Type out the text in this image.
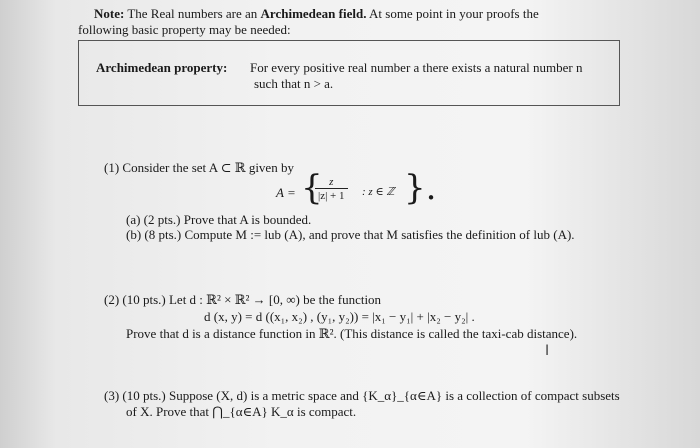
Note: The Real numbers are an Archimedean field. At some point in your proofs the
following basic property may be needed:
Archimedean property: For every positive real number a there exists a natural number n
such that n > a.
(1) Consider the set A ⊂ ℝ given by
A = {
$\frac{z}{|z| + 1}$ : z ∈ ℤ }.
(a) (2 pts.) Prove that A is bounded.
(b) (8 pts.) Compute M := lub (A), and prove that M satisfies the definition of lub (A).
(2) (10 pts.) Let d : ℝ² × ℝ² → [0, ∞) be the function
d (x, y) = d ((x₁, x₂) , (y₁, y₂)) = |x₁ − y₁| + |x₂ − y₂| .
Prove that d is a distance function in ℝ². (This distance is called the taxi-cab distance).
I
(3) (10 pts.) Suppose (X, d) is a metric space and {K_α}_{α∈A} is a collection of compact subsets
of X. Prove that ⋂_{α∈A} K_α is compact.
